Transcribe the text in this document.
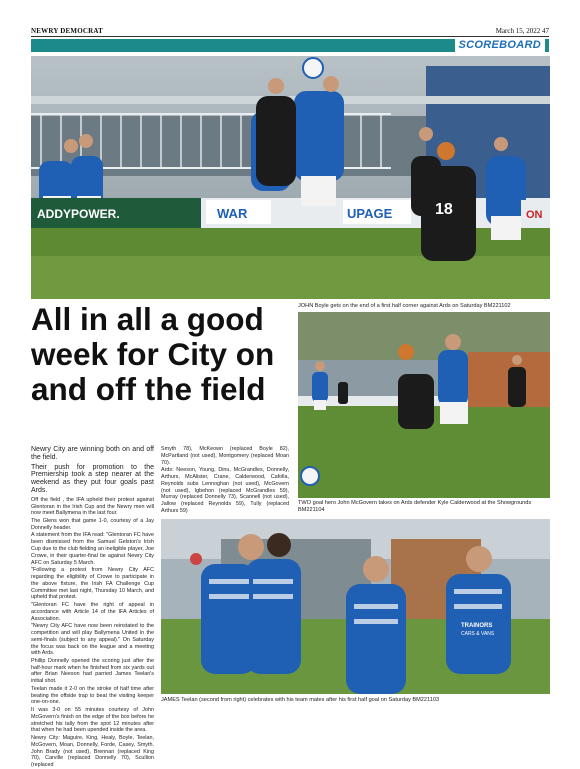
NEWRY DEMOCRAT	March 15, 2022 47
SCOREBOARD
ADDYPOWER.	WAR	UPAGE	ON
18
JOHN Boyle gets on the end of a first half corner against Ards on Saturday BM221102
TWO goal hero John McGovern takes on Ards defender Kyle Calderwood at the Showgrounds BM221104
TRAINORS
CARS & VANS
JAMES Teelan (second from right) celebrates with his team mates after his first half goal on Saturday BM221103
All in all a good week for City on and off the field

Newry City are winning both on and off the field.

Their push for promotion to the Premiership took a step nearer at the weekend as they put four goals past Ards.

Off the field , the IFA upheld their protest against Glentoran in the Irish Cup and the Newry men will now meet Ballymena in the last four.

The Glens won that game 1-0, courtesy of a Jay Donnelly header.

A statement from the IFA read: "Glentoran FC have been dismissed from the Samuel Gelston's Irish Cup due to the club fielding an ineligible player, Joe Crowe, in their quarter-final tie against Newry City AFC on Saturday 5 March.

"Following a protest from Newry City AFC regarding the eligibility of Crowe to participate in the above fixture, the Irish FA Challenge Cup Committee met last night, Thursday 10 March, and upheld that protest.

"Glentoran FC have the right of appeal in accordance with Article 14 of the IFA Articles of Association.

"Newry City AFC have now been reinstated to the competition and will play Ballymena United in the semi-finals (subject to any appeal)." On Saturday the focus was back on the league and a meeting with Ards.

Phillip Donnelly opened the scoring just after the half-hour mark when he finished from six yards out after Brian Neeson had parried James Teelan's initial shot.

Teelan made it 2-0 on the stroke of half time after beating the offside trap to beat the visiting keeper one-on-one.

It was 3-0 on 55 minutes courtesy of John McGovern's finish on the edge of the box before he stretched his tally from the spot 12 minutes after that when he had been upended inside the area.

Newry City: Maguire, King, Healy, Boyle, Teelan, McGovern, Moan, Donnelly, Forde, Casey, Smyth. John Brady (not used), Brennan (replaced King 70), Carville (replaced Donnelly 70), Scullion (replaced

Smyth 78), McKeown (replaced Boyle 82), McPartland (not used), Montgomery (replaced Moan 70).

Ards: Neeson, Young, Dinu, McGrandles, Donnelly, Arthurs, McAlister, Crane, Calderwood, Cafolla, Reynolds subs Lennoghan (not used), McGovern (not used), Igbehon (replaced McGrandles 59), Murray (replaced Donnelly 73), Scannell (not used), Jallow (replaced Reynolds 59), Tully (replaced Arthurs 59)
